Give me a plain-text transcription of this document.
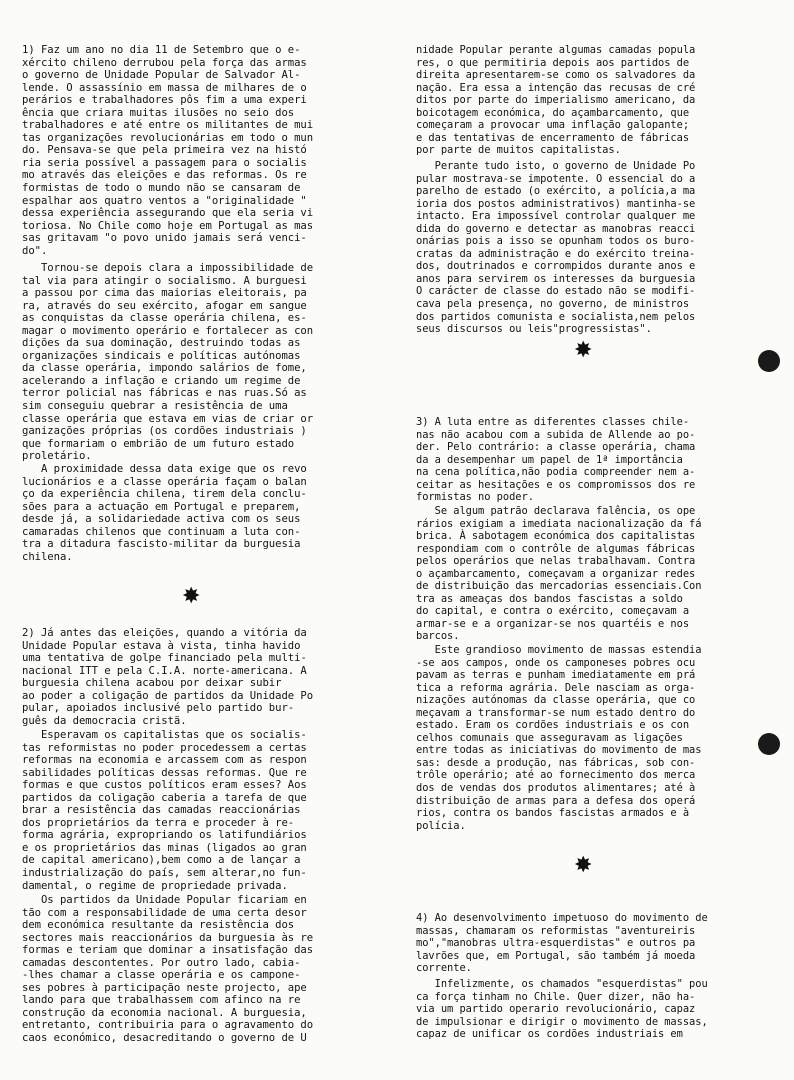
1) Faz um ano no dia 11 de Setembro que o e-
xército chileno derrubou pela força das armas
o governo de Unidade Popular de Salvador Al-
lende. O assassínio em massa de milhares de o
perários e trabalhadores pôs fim a uma experi
ência que criara muitas ilusões no seio dos
trabalhadores e até entre os militantes de mui
tas organizações revolucionárias em todo o mun
do. Pensava-se que pela primeira vez na histó
ria seria possível a passagem para o socialis
mo através das eleições e das reformas. Os re
formistas de todo o mundo não se cansaram de
espalhar aos quatro ventos a "originalidade "
dessa experiência assegurando que ela seria vi
toriosa. No Chile como hoje em Portugal as mas
sas gritavam "o povo unido jamais será venci-
do".
Tornou-se depois clara a impossibilidade de
tal via para atingir o socialismo. A burguesi
a passou por cima das maiorias eleitorais, pa
ra, através do seu exército, afogar em sangue
as conquistas da classe operária chilena, es-
magar o movimento operário e fortalecer as con
dições da sua dominação, destruindo todas as
organizações sindicais e políticas autónomas
da classe operária, impondo salários de fome,
acelerando a inflação e criando um regime de
terror policial nas fábricas e nas ruas.Só as
sim conseguiu quebrar a resistência de uma
classe operária que estava em vias de criar or
ganizações próprias (os cordões industriais )
que formariam o embrião de um futuro estado
proletário.
A proximidade dessa data exige que os revo
lucionários e a classe operária façam o balan
ço da experiência chilena, tirem dela conclu-
sões para a actuação em Portugal e preparem,
desde já, a solidariedade activa com os seus
camaradas chilenos que continuam a luta con-
tra a ditadura fascisto-militar da burguesia
chilena.
2) Já antes das eleições, quando a vitória da
Unidade Popular estava à vista, tinha havido
uma tentativa de golpe financiado pela multi-
nacional ITT e pela C.I.A. norte-americana. A
burguesia chilena acabou por deixar subir
ao poder a coligação de partidos da Unidade Po
pular, apoiados inclusivé pelo partido bur-
guês da democracia cristã.
Esperavam os capitalistas que os socialis-
tas reformistas no poder procedessem a certas
reformas na economia e arcassem com as respon
sabilidades políticas dessas reformas. Que re
formas e que custos políticos eram esses? Aos
partidos da coligação caberia a tarefa de que
brar a resistência das camadas reaccionárias
dos proprietários da terra e proceder à re-
forma agrária, expropriando os latifundiários
e os proprietários das minas (ligados ao gran
de capital americano),bem como a de lançar a
industrialização do país, sem alterar,no fun-
damental, o regime de propriedade privada.
Os partidos da Unidade Popular ficariam en
tão com a responsabilidade de uma certa desor
dem económica resultante da resistência dos
sectores mais reaccionários da burguesia às re
formas e teriam que dominar a insatisfação das
camadas descontentes. Por outro lado, cabia-
-lhes chamar a classe operária e os campone-
ses pobres à participação neste projecto, ape
lando para que trabalhassem com afinco na re
construção da economia nacional. A burguesia,
entretanto, contribuiria para o agravamento do
caos económico, desacreditando o governo de U
✸
nidade Popular perante algumas camadas popula
res, o que permitiria depois aos partidos de
direita apresentarem-se como os salvadores da
nação. Era essa a intenção das recusas de cré
ditos por parte do imperialismo americano, da
boicotagem económica, do açambarcamento, que
começaram a provocar uma inflação galopante;
e das tentativas de encerramento de fábricas
por parte de muitos capitalistas.
Perante tudo isto, o governo de Unidade Po
pular mostrava-se impotente. O essencial do a
parelho de estado (o exército, a polícia,a ma
ioria dos postos administrativos) mantinha-se
intacto. Era impossível controlar qualquer me
dida do governo e detectar as manobras reacci
onárias pois a isso se opunham todos os buro-
cratas da administração e do exército treina-
dos, doutrinados e corrompidos durante anos e
anos para servirem os interesses da burguesia
O carácter de classe do estado não se modifi-
cava pela presença, no governo, de ministros
dos partidos comunista e socialista,nem pelos
seus discursos ou leis"progressistas".
3) A luta entre as diferentes classes chile-
nas não acabou com a subida de Allende ao po-
der. Pelo contrário: a classe operária, chama
da a desempenhar um papel de 1ª importância
na cena política,não podia compreender nem a-
ceitar as hesitações e os compromissos dos re
formistas no poder.
Se algum patrão declarava falência, os ope
rários exigiam a imediata nacionalização da fá
brica. À sabotagem económica dos capitalistas
respondiam com o contrôle de algumas fábricas
pelos operários que nelas trabalhavam. Contra
o açambarcamento, começavam a organizar redes
de distribuição das mercadorias essenciais.Con
tra as ameaças dos bandos fascistas a soldo
do capital, e contra o exército, começavam a
armar-se e a organizar-se nos quartéis e nos
barcos.
Este grandioso movimento de massas estendia
-se aos campos, onde os camponeses pobres ocu
pavam as terras e punham imediatamente em prá
tica a reforma agrária. Dele nasciam as orga-
nizações autónomas da classe operária, que co
meçavam a transformar-se num estado dentro do
estado. Eram os cordões industriais e os con
celhos comunais que asseguravam as ligações
entre todas as iniciativas do movimento de mas
sas: desde a produção, nas fábricas, sob con-
trôle operário; até ao fornecimento dos merca
dos de vendas dos produtos alimentares; até à
distribuição de armas para a defesa dos operá
rios, contra os bandos fascistas armados e à
polícia.
4) Ao desenvolvimento impetuoso do movimento de
massas, chamaram os reformistas "aventureiris
mo","manobras ultra-esquerdistas" e outros pa
lavrões que, em Portugal, são também já moeda
corrente.
Infelizmente, os chamados "esquerdistas" pou
ca força tinham no Chile. Quer dizer, não ha-
via um partido operario revolucionário, capaz
de impulsionar e dirigir o movimento de massas,
capaz de unificar os cordões industriais em
✸
✸
